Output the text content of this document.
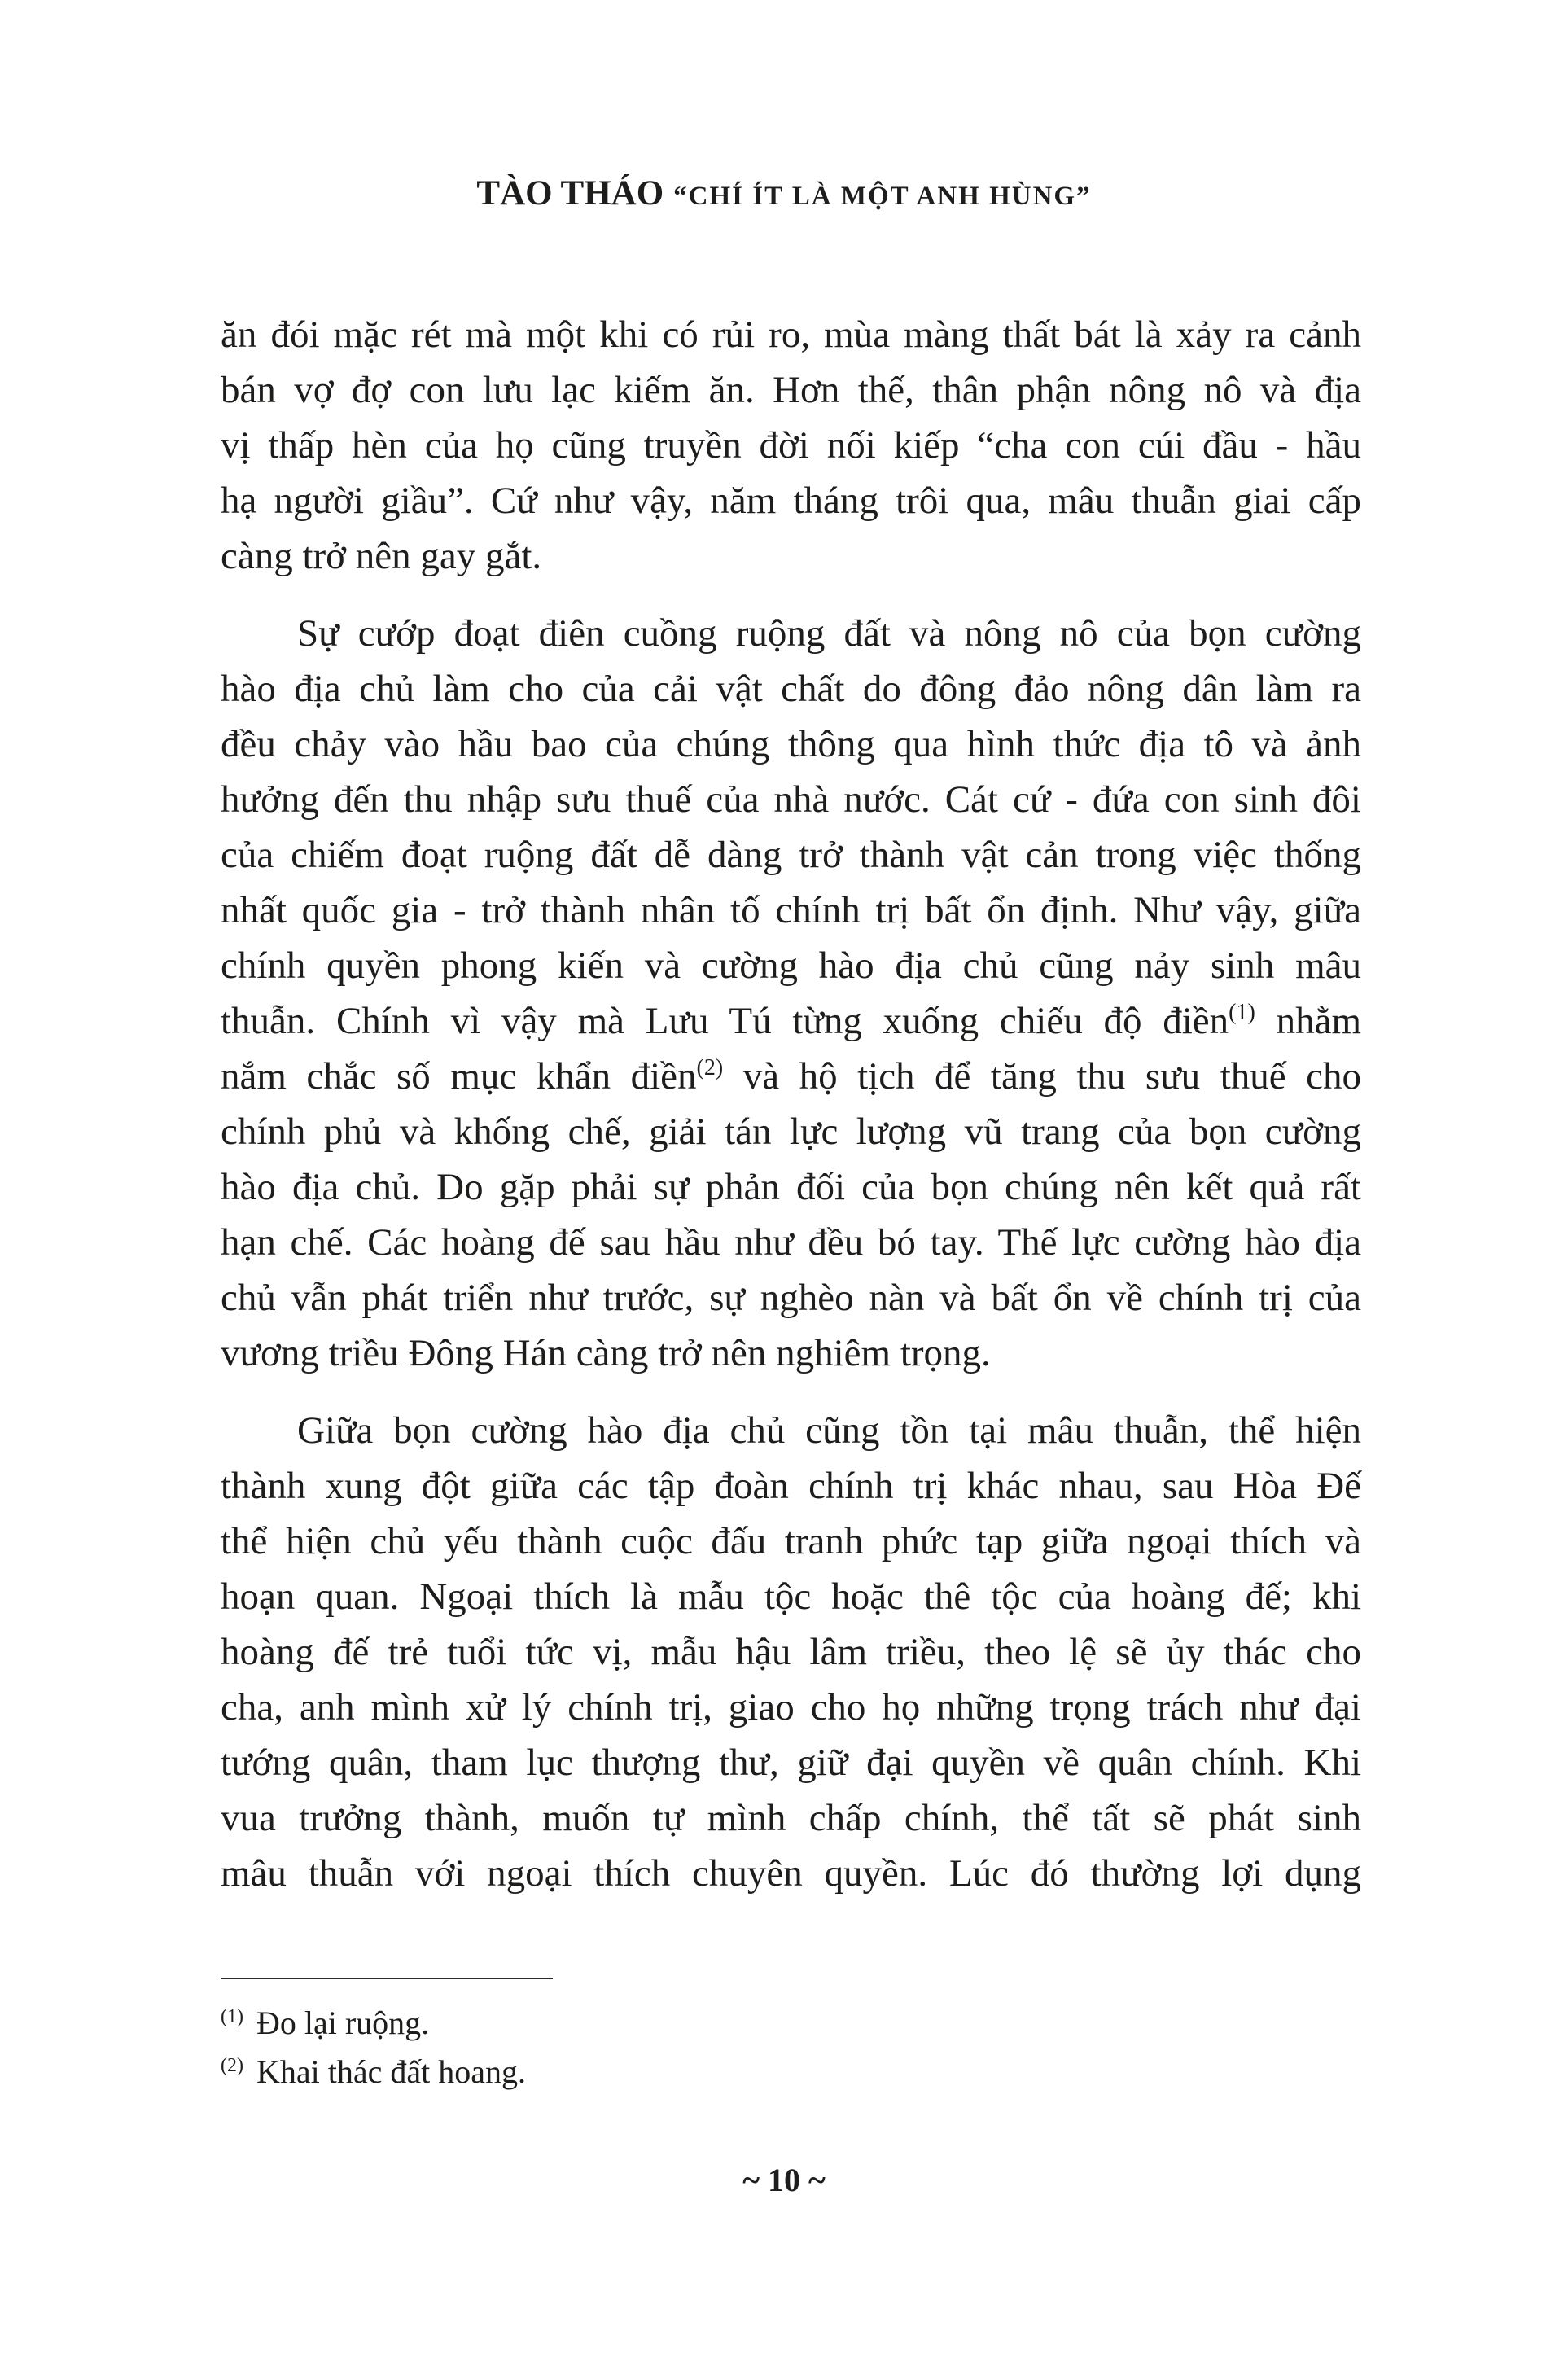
TÀO THÁO “CHÍ ÍT LÀ MỘT ANH HÙNG”
ăn đói mặc rét mà một khi có rủi ro, mùa màng thất bát là xảy ra cảnh
bán vợ đợ con lưu lạc kiếm ăn. Hơn thế, thân phận nông nô và địa
vị thấp hèn của họ cũng truyền đời nối kiếp “cha con cúi đầu - hầu
hạ người giầu”. Cứ như vậy, năm tháng trôi qua, mâu thuẫn giai cấp
càng trở nên gay gắt.
Sự cướp đoạt điên cuồng ruộng đất và nông nô của bọn cường
hào địa chủ làm cho của cải vật chất do đông đảo nông dân làm ra
đều chảy vào hầu bao của chúng thông qua hình thức địa tô và ảnh
hưởng đến thu nhập sưu thuế của nhà nước. Cát cứ - đứa con sinh đôi
của chiếm đoạt ruộng đất dễ dàng trở thành vật cản trong việc thống
nhất quốc gia - trở thành nhân tố chính trị bất ổn định. Như vậy, giữa
chính quyền phong kiến và cường hào địa chủ cũng nảy sinh mâu
thuẫn. Chính vì vậy mà Lưu Tú từng xuống chiếu độ điền$^{(1)}$ nhằm
nắm chắc số mục khẩn điền$^{(2)}$ và hộ tịch để tăng thu sưu thuế cho
chính phủ và khống chế, giải tán lực lượng vũ trang của bọn cường
hào địa chủ. Do gặp phải sự phản đối của bọn chúng nên kết quả rất
hạn chế. Các hoàng đế sau hầu như đều bó tay. Thế lực cường hào địa
chủ vẫn phát triển như trước, sự nghèo nàn và bất ổn về chính trị của
vương triều Đông Hán càng trở nên nghiêm trọng.
Giữa bọn cường hào địa chủ cũng tồn tại mâu thuẫn, thể hiện
thành xung đột giữa các tập đoàn chính trị khác nhau, sau Hòa Đế
thể hiện chủ yếu thành cuộc đấu tranh phức tạp giữa ngoại thích và
hoạn quan. Ngoại thích là mẫu tộc hoặc thê tộc của hoàng đế; khi
hoàng đế trẻ tuổi tức vị, mẫu hậu lâm triều, theo lệ sẽ ủy thác cho
cha, anh mình xử lý chính trị, giao cho họ những trọng trách như đại
tướng quân, tham lục thượng thư, giữ đại quyền về quân chính. Khi
vua trưởng thành, muốn tự mình chấp chính, thể tất sẽ phát sinh
mâu thuẫn với ngoại thích chuyên quyền. Lúc đó thường lợi dụng
$^{(1)}$ Đo lại ruộng.
$^{(2)}$ Khai thác đất hoang.
~ 10 ~
